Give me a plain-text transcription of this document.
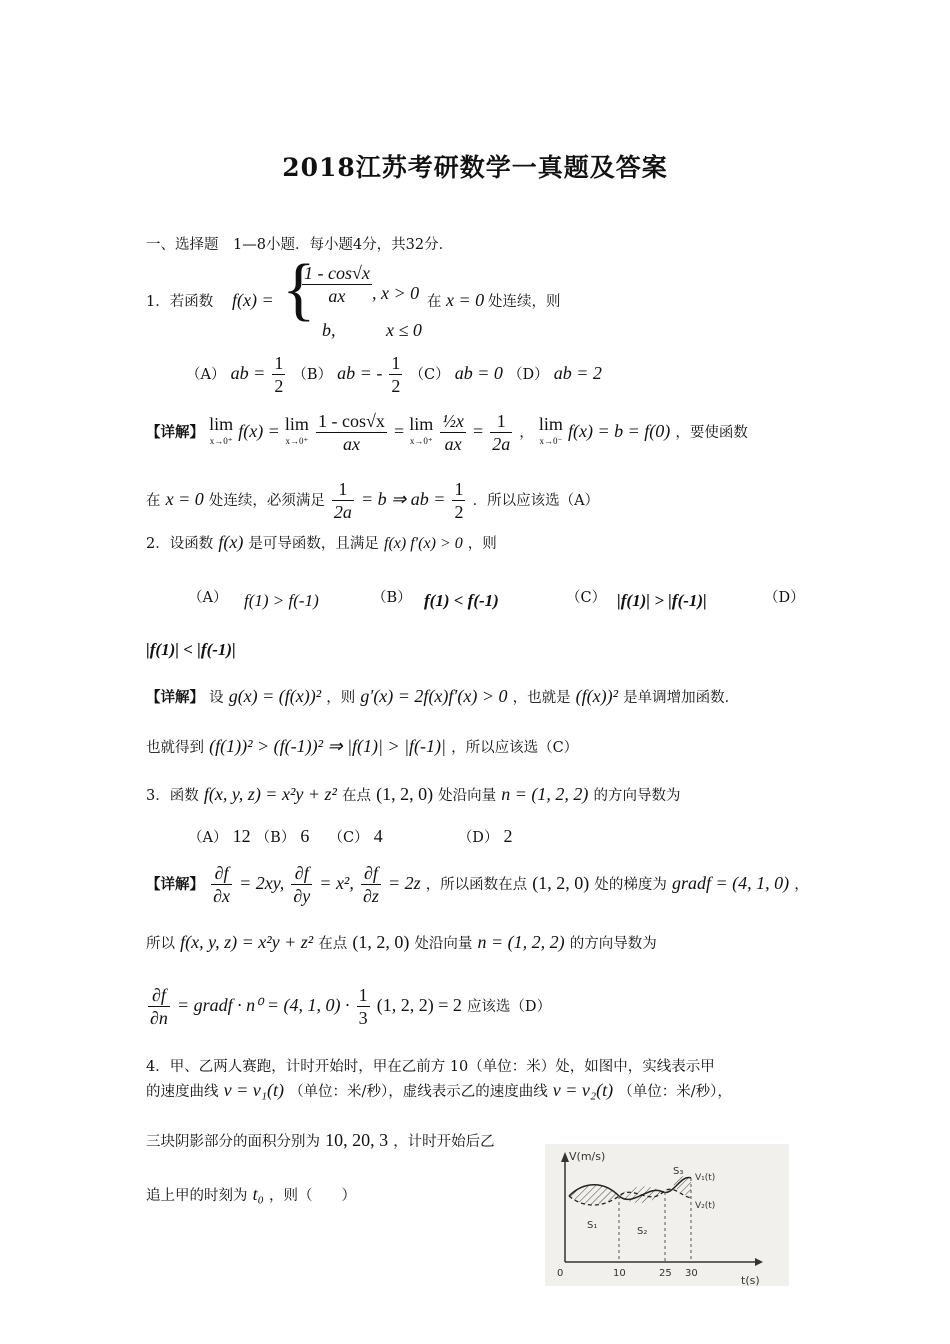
2018江苏考研数学一真题及答案
一、选择题　1—8小题．每小题4分，共32分．
1．若函数 f(x) = {
$\frac{1 - \cos√x}{ax}$ , x > 0
b,	x ≤ 0
在 x = 0 处连续，则
（A） ab = $\frac{1}{2} (B)$ ab = - $\frac{1}{2} (C)$ ab = 0 （D） ab = 2
【详解】 lim
x→0⁺ f(x) = lim
$x\to 0^+ \frac{1 - \cos√x}{ax} = \lim$
$x\to 0^+ \frac{\text{½x}}{ax} = \frac{1}{2a}$ ， lim
x→0⁻ f(x) = b = f(0) ，要使函数
在 x = 0 处连续，必须满足 $\frac{1}{2a} = b$ ⇒ ab = $\frac{1}{2}$ ．所以应该选（A）
2．设函数 f(x) 是可导函数，且满足 f(x) f′(x) > 0 ，则
（A） f(1) > f(-1)	（B） f(1) < f(-1)	（C） |f(1)| > |f(-1)|	（D）
|f(1)| < |f(-1)|
【详解】 设 g(x) = (f(x))² ，则 g′(x) = 2f(x)f′(x) > 0 ，也就是 (f(x))² 是单调增加函数．
也就得到 (f(1))² > (f(-1))² ⇒ |f(1)| > |f(-1)| ，所以应该选（C）
3．函数 f(x, y, z) = x²y + z² 在点 (1, 2, 0) 处沿向量 n = (1, 2, 2) 的方向导数为
（A） 12 （B） 6 （C） 4	（D） 2
【详解】 $\frac{\partial f}{\partial x} = 2xy$, $\frac{\partial f}{\partial y} = x^2$, $\frac{\partial f}{\partial z} = 2z$ ，所以函数在点 (1, 2, 0) 处的梯度为 gradf = (4, 1, 0) ，
所以 f(x, y, z) = x²y + z² 在点 (1, 2, 0) 处沿向量 n = (1, 2, 2) 的方向导数为
$\frac{\partial f}{\partial n}$ = gradf · n⁰ = (4, 1, $0) \cdot \frac{1}{3} (1$, 2, 2) = 2 应该选（D）
4．甲、乙两人赛跑，计时开始时，甲在乙前方 10（单位：米）处，如图中，实线表示甲
的速度曲线 v = v₁(t) （单位：米/秒），虚线表示乙的速度曲线 v = v₂(t) （单位：米/秒），
三块阴影部分的面积分别为 10, 20, 3 ，计时开始后乙
追上甲的时刻为 t₀ ，则（　　）
V(m/s)
t(s)
0	10	25 30
S₁
S₂
S₃
V₁(t)
V₂(t)
